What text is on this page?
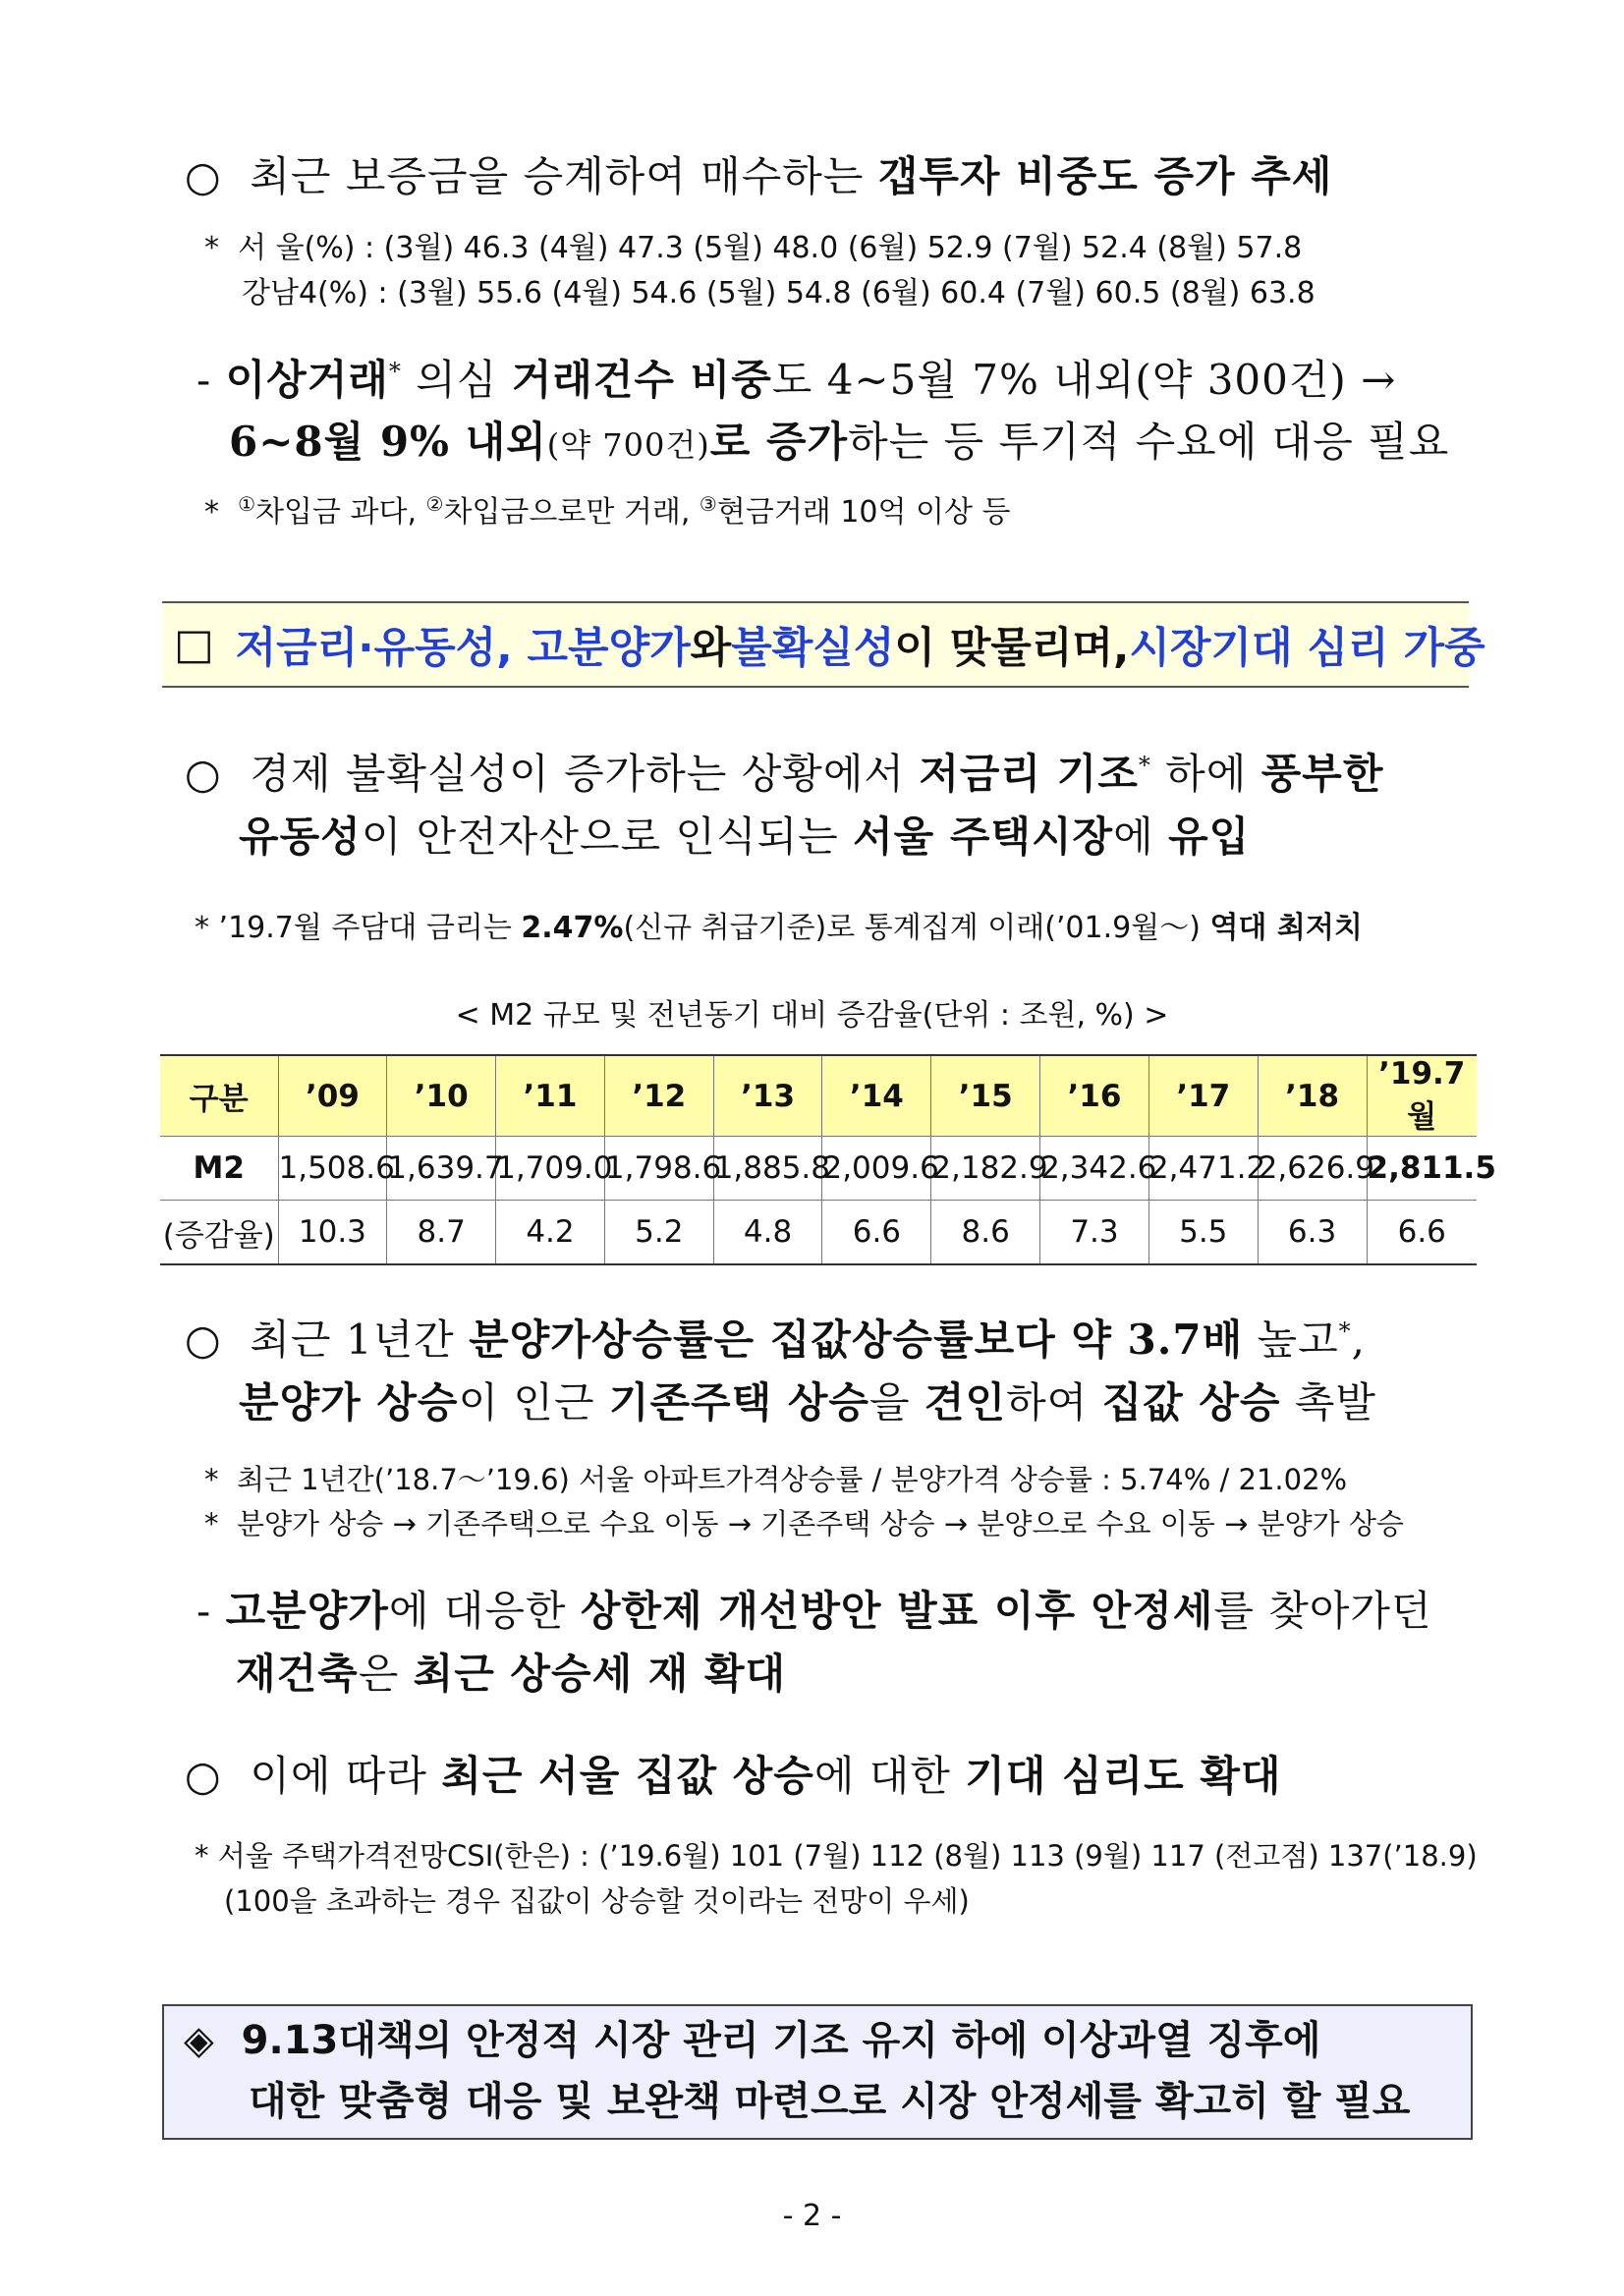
○ 최근 보증금을 승계하여 매수하는 갭투자 비중도 증가 추세
* 서 울(%) : (3월) 46.3 (4월) 47.3 (5월) 48.0 (6월) 52.9 (7월) 52.4 (8월) 57.8
강남4(%) : (3월) 55.6 (4월) 54.6 (5월) 54.8 (6월) 60.4 (7월) 60.5 (8월) 63.8
- 이상거래* 의심 거래건수 비중도 4~5월 7% 내외(약 300건) →
6~8월 9% 내외(약 700건)로 증가하는 등 투기적 수요에 대응 필요
* ①차입금 과다, ②차입금으로만 거래, ③현금거래 10억 이상 등
□ 저금리·유동성, 고분양가 와 불확실성 이 맞물리며, 시장기대 심리 가중
○ 경제 불확실성이 증가하는 상황에서 저금리 기조* 하에 풍부한
유동성이 안전자산으로 인식되는 서울 주택시장에 유입
* ’19.7월 주담대 금리는 2.47%(신규 취급기준)로 통계집계 이래(’01.9월～) 역대 최저치
< M2 규모 및 전년동기 대비 증감율(단위 : 조원, %) >
구분	’09	’10	’11	’12	’13	’14	’15	’16	’17	’18	’19.7월
M2	1,508.6	1,639.7	1,709.0	1,798.6	1,885.8	2,009.6	2,182.9	2,342.6	2,471.2	2,626.9	2,811.5
(증감율)	10.3	8.7	4.2	5.2	4.8	6.6	8.6	7.3	5.5	6.3	6.6
○ 최근 1년간 분양가상승률은 집값상승률보다 약 3.7배 높고*,
분양가 상승이 인근 기존주택 상승을 견인하여 집값 상승 촉발
* 최근 1년간(’18.7～’19.6) 서울 아파트가격상승률 / 분양가격 상승률 : 5.74% / 21.02%
* 분양가 상승 → 기존주택으로 수요 이동 → 기존주택 상승 → 분양으로 수요 이동 → 분양가 상승
- 고분양가에 대응한 상한제 개선방안 발표 이후 안정세를 찾아가던
재건축은 최근 상승세 재 확대
○ 이에 따라 최근 서울 집값 상승에 대한 기대 심리도 확대
* 서울 주택가격전망CSI(한은) : (’19.6월) 101 (7월) 112 (8월) 113 (9월) 117 (전고점) 137(’18.9)
(100을 초과하는 경우 집값이 상승할 것이라는 전망이 우세)
◈ 9.13대책의 안정적 시장 관리 기조 유지 하에 이상과열 징후에
대한 맞춤형 대응 및 보완책 마련으로 시장 안정세를 확고히 할 필요
- 2 -
